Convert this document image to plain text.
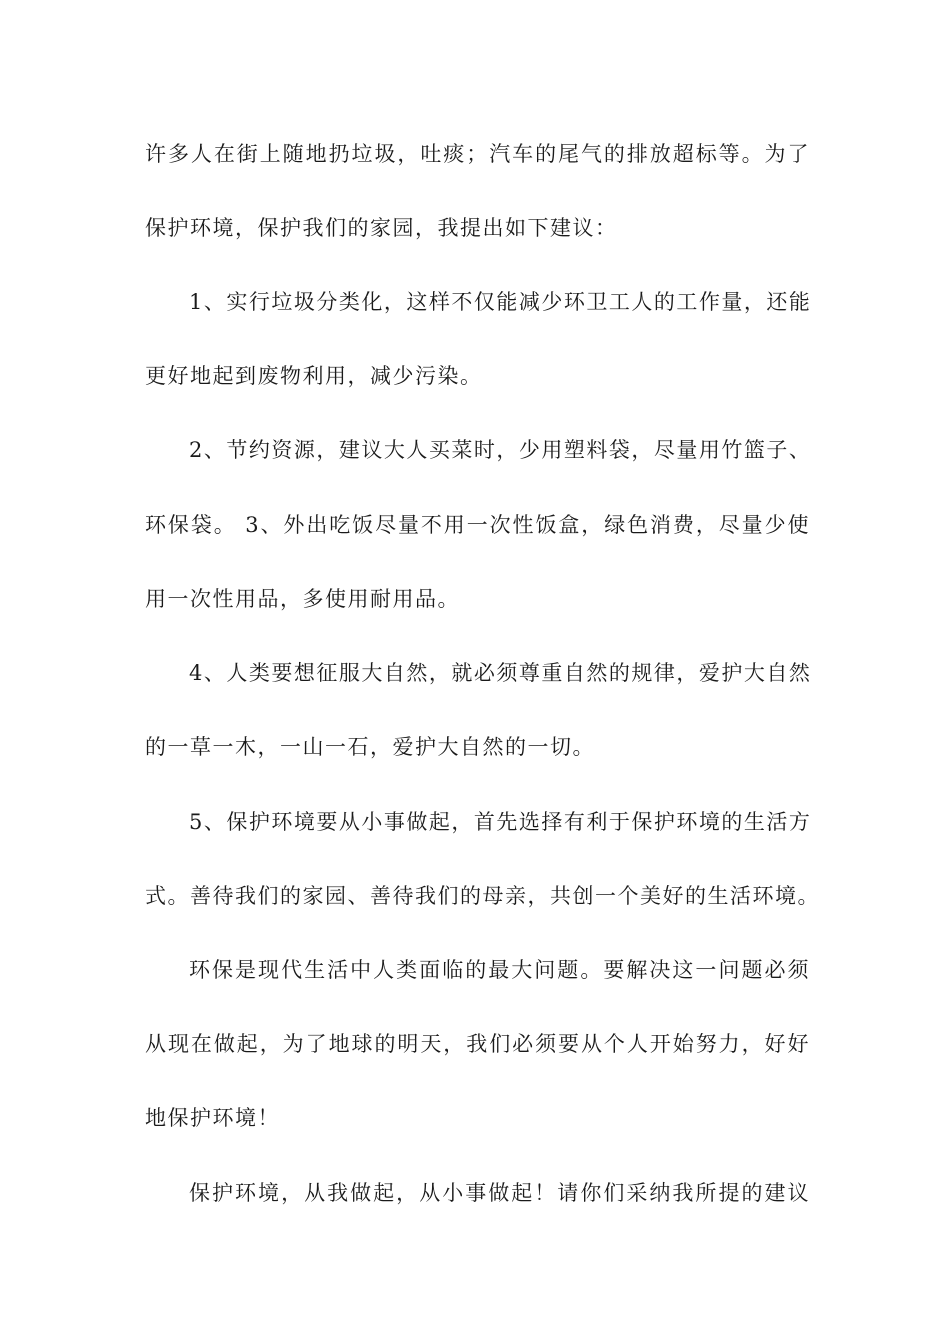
许多人在街上随地扔垃圾，吐痰；汽车的尾气的排放超标等。为了
保护环境，保护我们的家园，我提出如下建议：
1、实行垃圾分类化，这样不仅能减少环卫工人的工作量，还能
更好地起到废物利用，减少污染。
2、节约资源，建议大人买菜时，少用塑料袋，尽量用竹篮子、
环保袋。 3、外出吃饭尽量不用一次性饭盒，绿色消费，尽量少使
用一次性用品，多使用耐用品。
4、人类要想征服大自然，就必须尊重自然的规律，爱护大自然
的一草一木，一山一石，爱护大自然的一切。
5、保护环境要从小事做起，首先选择有利于保护环境的生活方
式。善待我们的家园、善待我们的母亲，共创一个美好的生活环境。
环保是现代生活中人类面临的最大问题。要解决这一问题必须
从现在做起，为了地球的明天，我们必须要从个人开始努力，好好
地保护环境！
保护环境，从我做起，从小事做起！请你们采纳我所提的建议
